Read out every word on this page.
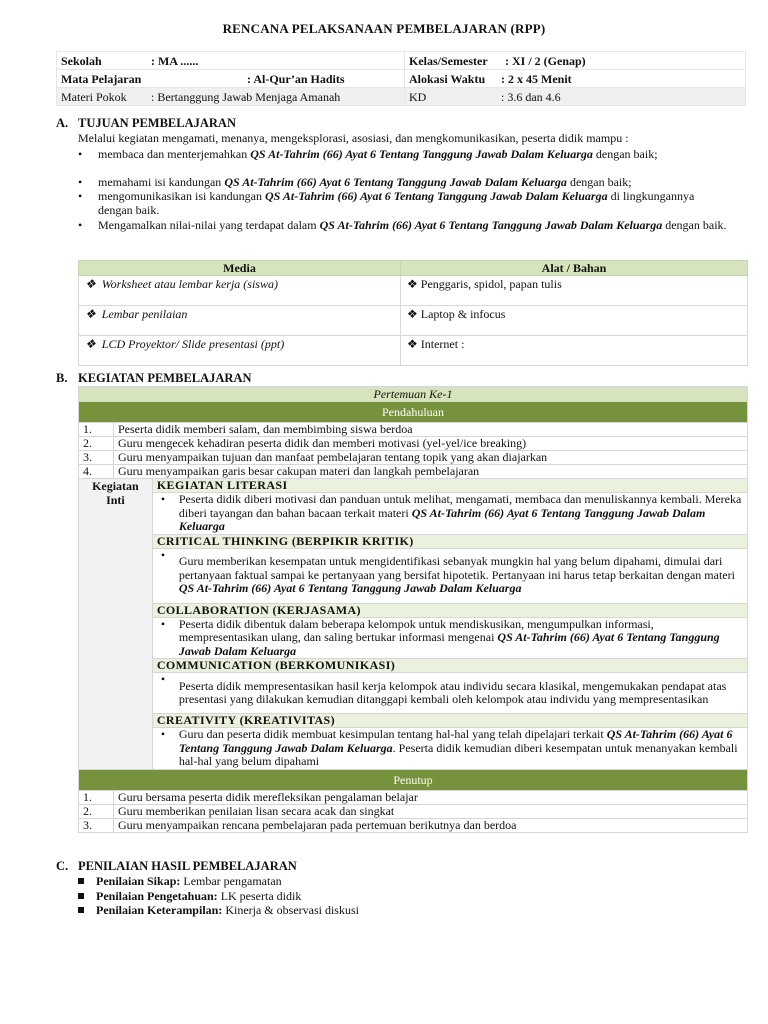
RENCANA PELAKSANAAN PEMBELAJARAN (RPP)
Sekolah : MA ......	Kelas/Semester : XI / 2 (Genap)
Mata Pelajaran : Al-Qur’an Hadits	Alokasi Waktu : 2 x 45 Menit
Materi Pokok : Bertanggung Jawab Menjaga Amanah	KD : 3.6 dan 4.6
A. TUJUAN PEMBELAJARAN
Melalui kegiatan mengamati, menanya, mengeksplorasi, asosiasi, dan mengkomunikasikan, peserta didik mampu :
• membaca dan menterjemahkan QS At-Tahrim (66) Ayat 6 Tentang Tanggung Jawab Dalam Keluarga dengan baik;
• memahami isi kandungan QS At-Tahrim (66) Ayat 6 Tentang Tanggung Jawab Dalam Keluarga dengan baik;
• mengomunikasikan isi kandungan QS At-Tahrim (66) Ayat 6 Tentang Tanggung Jawab Dalam Keluarga di lingkungannya dengan baik.
• Mengamalkan nilai-nilai yang terdapat dalam QS At-Tahrim (66) Ayat 6 Tentang Tanggung Jawab Dalam Keluarga dengan baik.
Media	Alat / Bahan
❖ Worksheet atau lembar kerja (siswa)	❖ Penggaris, spidol, papan tulis
❖ Lembar penilaian	❖ Laptop & infocus
❖ LCD Proyektor/ Slide presentasi (ppt)	❖ Internet :
B. KEGIATAN PEMBELAJARAN
Pertemuan Ke-1		
Pendahuluan		
1.	Peserta didik memberi salam, dan membimbing siswa berdoa	
2.	Guru mengecek kehadiran peserta didik dan memberi motivasi (yel-yel/ice breaking)	
3.	Guru menyampaikan tujuan dan manfaat pembelajaran tentang topik yang akan diajarkan	
4.	Guru menyampaikan garis besar cakupan materi dan langkah pembelajaran	

Kegiatan Inti		KEGIATAN LITERASI

		• Peserta didik diberi motivasi dan panduan untuk melihat, mengamati, membaca dan menuliskannya kembali. Mereka diberi tayangan dan bahan bacaan terkait materi QS At-Tahrim (66) Ayat 6 Tentang Tanggung Jawab Dalam Keluarga
		CRITICAL THINKING (BERPIKIR KRITIK)

		• Guru memberikan kesempatan untuk mengidentifikasi sebanyak mungkin hal yang belum dipahami, dimulai dari pertanyaan faktual sampai ke pertanyaan yang bersifat hipotetik. Pertanyaan ini harus tetap berkaitan dengan materi QS At-Tahrim (66) Ayat 6 Tentang Tanggung Jawab Dalam Keluarga
		COLLABORATION (KERJASAMA)

		• Peserta didik dibentuk dalam beberapa kelompok untuk mendiskusikan, mengumpulkan informasi, mempresentasikan ulang, dan saling bertukar informasi mengenai QS At-Tahrim (66) Ayat 6 Tentang Tanggung Jawab Dalam Keluarga
		COMMUNICATION (BERKOMUNIKASI)

		• Peserta didik mempresentasikan hasil kerja kelompok atau individu secara klasikal, mengemukakan pendapat atas presentasi yang dilakukan kemudian ditanggapi kembali oleh kelompok atau individu yang mempresentasikan
		CREATIVITY (KREATIVITAS)

		• Guru dan peserta didik membuat kesimpulan tentang hal-hal yang telah dipelajari terkait QS At-Tahrim (66) Ayat 6 Tentang Tanggung Jawab Dalam Keluarga. Peserta didik kemudian diberi kesempatan untuk menanyakan kembali hal-hal yang belum dipahami
Penutup		
1.	Guru bersama peserta didik merefleksikan pengalaman belajar	
2.	Guru memberikan penilaian lisan secara acak dan singkat	
3.	Guru menyampaikan rencana pembelajaran pada pertemuan berikutnya dan berdoa	
C. PENILAIAN HASIL PEMBELAJARAN
Penilaian Sikap: Lembar pengamatan
Penilaian Pengetahuan: LK peserta didik
Penilaian Keterampilan: Kinerja & observasi diskusi
